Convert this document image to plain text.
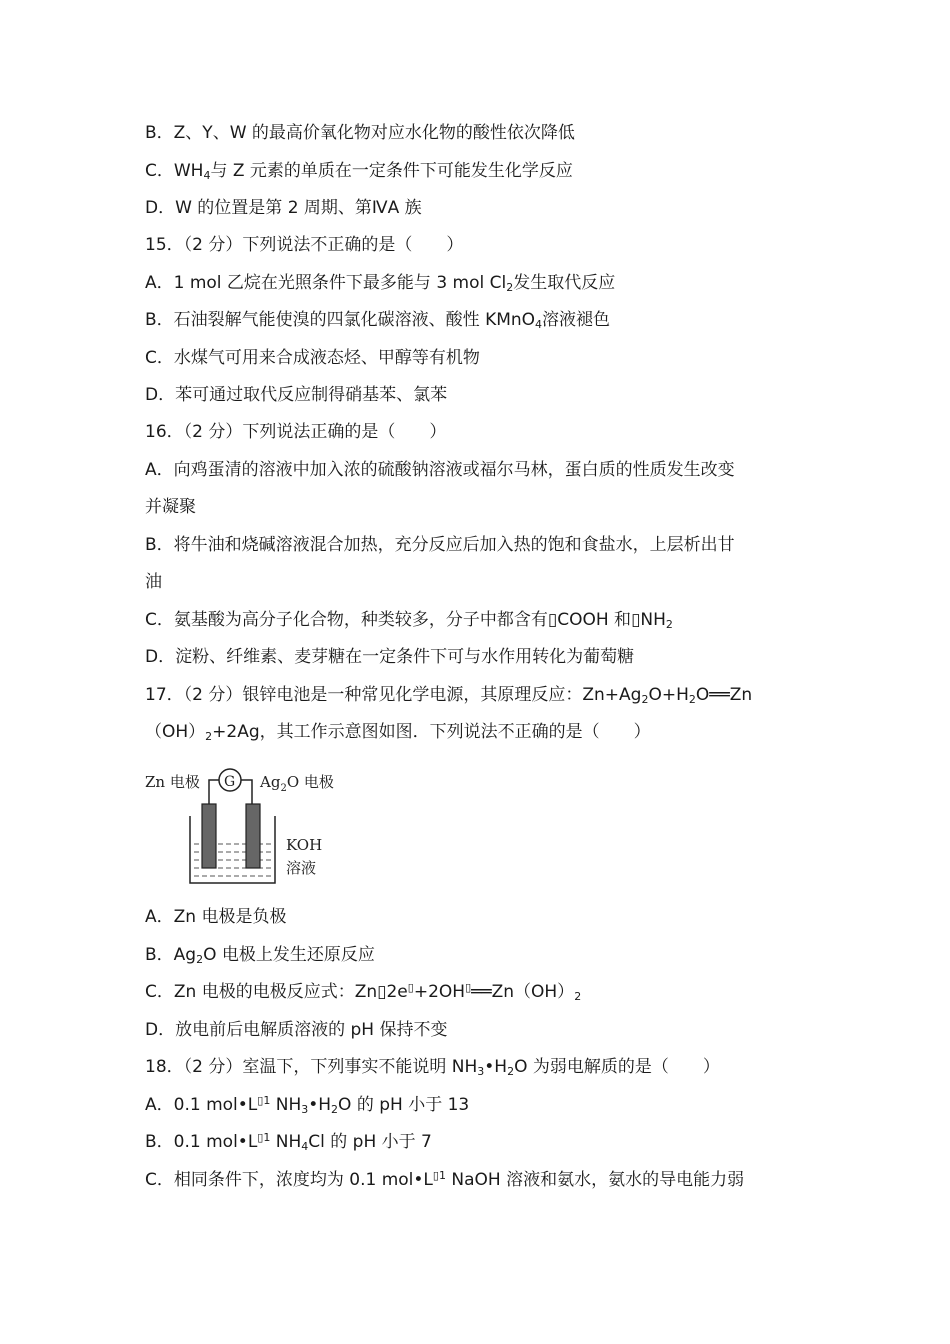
B．Z、Y、W 的最高价氧化物对应水化物的酸性依次降低
C．$WH_4$与 Z 元素的单质在一定条件下可能发生化学反应
D．W 的位置是第 2 周期、第ⅣA 族
15．（2 分）下列说法不正确的是（　　）
A．1 mol 乙烷在光照条件下最多能与 3 mol $Cl_2$发生取代反应
B．石油裂解气能使溴的四氯化碳溶液、酸性 KMnO$_4$溶液褪色
C．水煤气可用来合成液态烃、甲醇等有机物
D．苯可通过取代反应制得硝基苯、氯苯
16．（2 分）下列说法正确的是（　　）
A．向鸡蛋清的溶液中加入浓的硫酸钠溶液或福尔马林，蛋白质的性质发生改变
并凝聚
B．将牛油和烧碱溶液混合加热，充分反应后加入热的饱和食盐水，上层析出甘
油
C．氨基酸为高分子化合物，种类较多，分子中都含有▯COOH 和$▯NH_2$
D．淀粉、纤维素、麦芽糖在一定条件下可与水作用转化为葡萄糖
17．（2 分）银锌电池是一种常见化学电源，其原理反应：$Zn+Ag_2O+H_2O══Zn$
$(OH)_2+2Ag$，其工作示意图如图．下列说法不正确的是（　　）
Zn 电极 G $Ag_2O$ 电极
KOH
溶液
A．Zn 电极是负极
B．$Ag_2O$ 电极上发生还原反应
C．Zn 电极的电极反应式：$Zn▯2e^▯+2OH^▯══Zn(OH)_2$
D．放电前后电解质溶液的 pH 保持不变
18．（2 分）室温下，下列事实不能说明 $NH_3•H_2O$ 为弱电解质的是（　　）
A．0.1 $mol•L^{▯1}$ $NH_3•H_2O$ 的 pH 小于 13
B．0.1 $mol•L^{▯1}$ $NH_4Cl$ 的 pH 小于 7
C．相同条件下，浓度均为 0.1 $mol•L^{▯1}$ NaOH 溶液和氨水，氨水的导电能力弱
